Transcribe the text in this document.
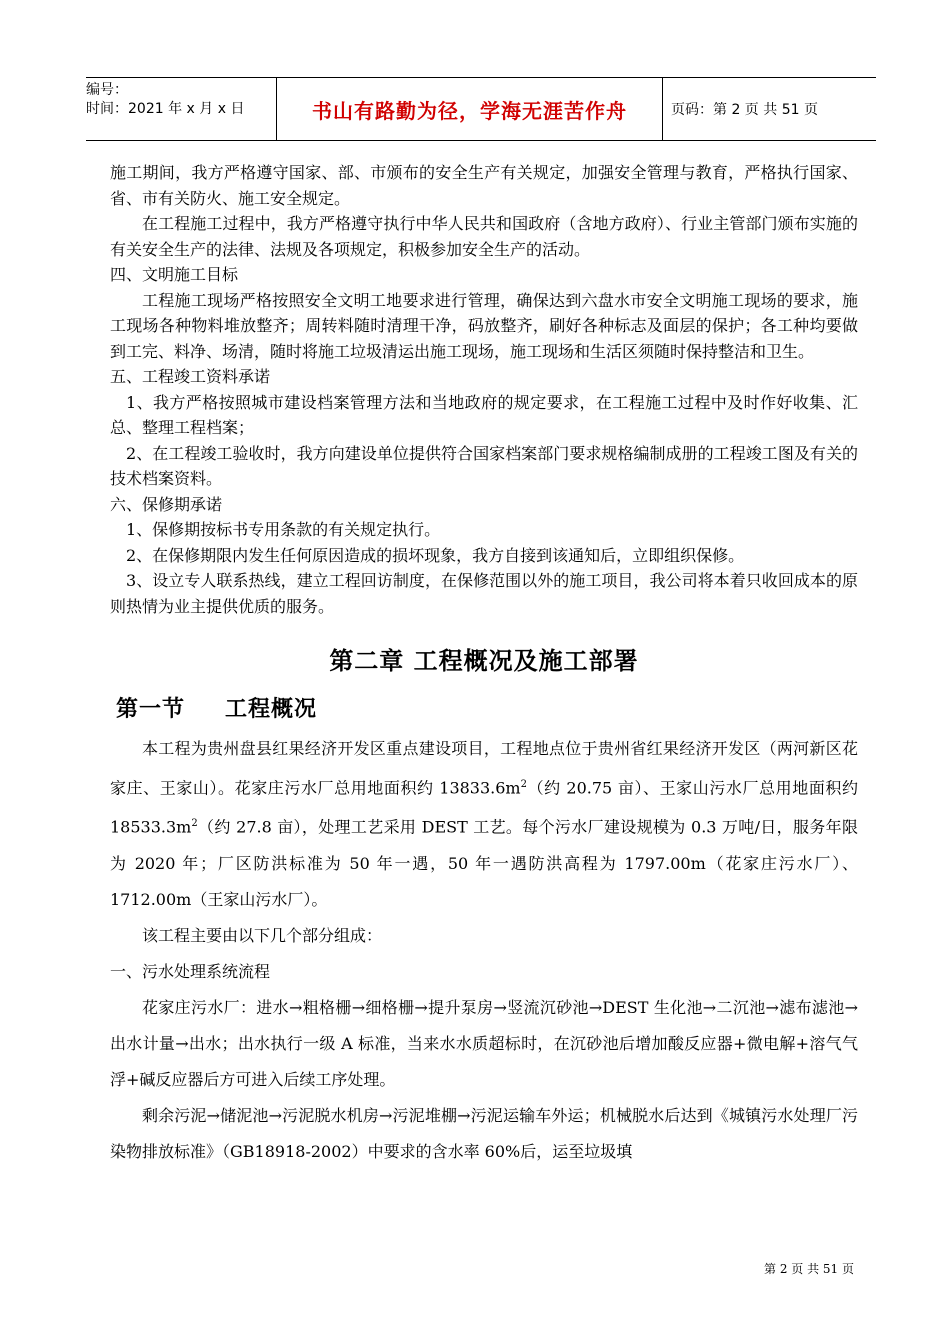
编号：
时间：2021 年 x 月 x 日	书山有路勤为径，学海无涯苦作舟	页码：第 2 页 共 51 页

施工期间，我方严格遵守国家、部、市颁布的安全生产有关规定，加强安全管理与教育，严格执行国家、省、市有关防火、施工安全规定。

在工程施工过程中，我方严格遵守执行中华人民共和国政府（含地方政府）、行业主管部门颁布实施的有关安全生产的法律、法规及各项规定，积极参加安全生产的活动。

四、文明施工目标

工程施工现场严格按照安全文明工地要求进行管理，确保达到六盘水市安全文明施工现场的要求，施工现场各种物料堆放整齐；周转料随时清理干净，码放整齐，刷好各种标志及面层的保护；各工种均要做到工完、料净、场清，随时将施工垃圾清运出施工现场，施工现场和生活区须随时保持整洁和卫生。

五、工程竣工资料承诺

1、我方严格按照城市建设档案管理方法和当地政府的规定要求，在工程施工过程中及时作好收集、汇总、整理工程档案；

2、在工程竣工验收时，我方向建设单位提供符合国家档案部门要求规格编制成册的工程竣工图及有关的技术档案资料。

六、保修期承诺

1、保修期按标书专用条款的有关规定执行。

2、在保修期限内发生任何原因造成的损坏现象，我方自接到该通知后，立即组织保修。

3、设立专人联系热线，建立工程回访制度，在保修范围以外的施工项目，我公司将本着只收回成本的原则热情为业主提供优质的服务。

第二章 工程概况及施工部署
第一节 工程概况

本工程为贵州盘县红果经济开发区重点建设项目，工程地点位于贵州省红果经济开发区（两河新区花家庄、王家山）。花家庄污水厂总用地面积约 $13833.6m^2$（约 20.75 亩）、王家山污水厂总用地面积约 $18533.3m^2$（约 27.8 亩），处理工艺采用 DEST 工艺。每个污水厂建设规模为 0.3 万吨/日，服务年限为 2020 年；厂区防洪标准为 50 年一遇，50 年一遇防洪高程为 1797.00m（花家庄污水厂）、1712.00m（王家山污水厂）。

该工程主要由以下几个部分组成：

一、污水处理系统流程

花家庄污水厂：进水→粗格栅→细格栅→提升泵房→竖流沉砂池→DEST 生化池→二沉池→滤布滤池→出水计量→出水；出水执行一级 A 标准，当来水水质超标时，在沉砂池后增加酸反应器+微电解+溶气气浮+碱反应器后方可进入后续工序处理。

剩余污泥→储泥池→污泥脱水机房→污泥堆棚→污泥运输车外运；机械脱水后达到《城镇污水处理厂污染物排放标准》（GB18918-2002）中要求的含水率 60%后，运至垃圾填

第 2 页 共 51 页
